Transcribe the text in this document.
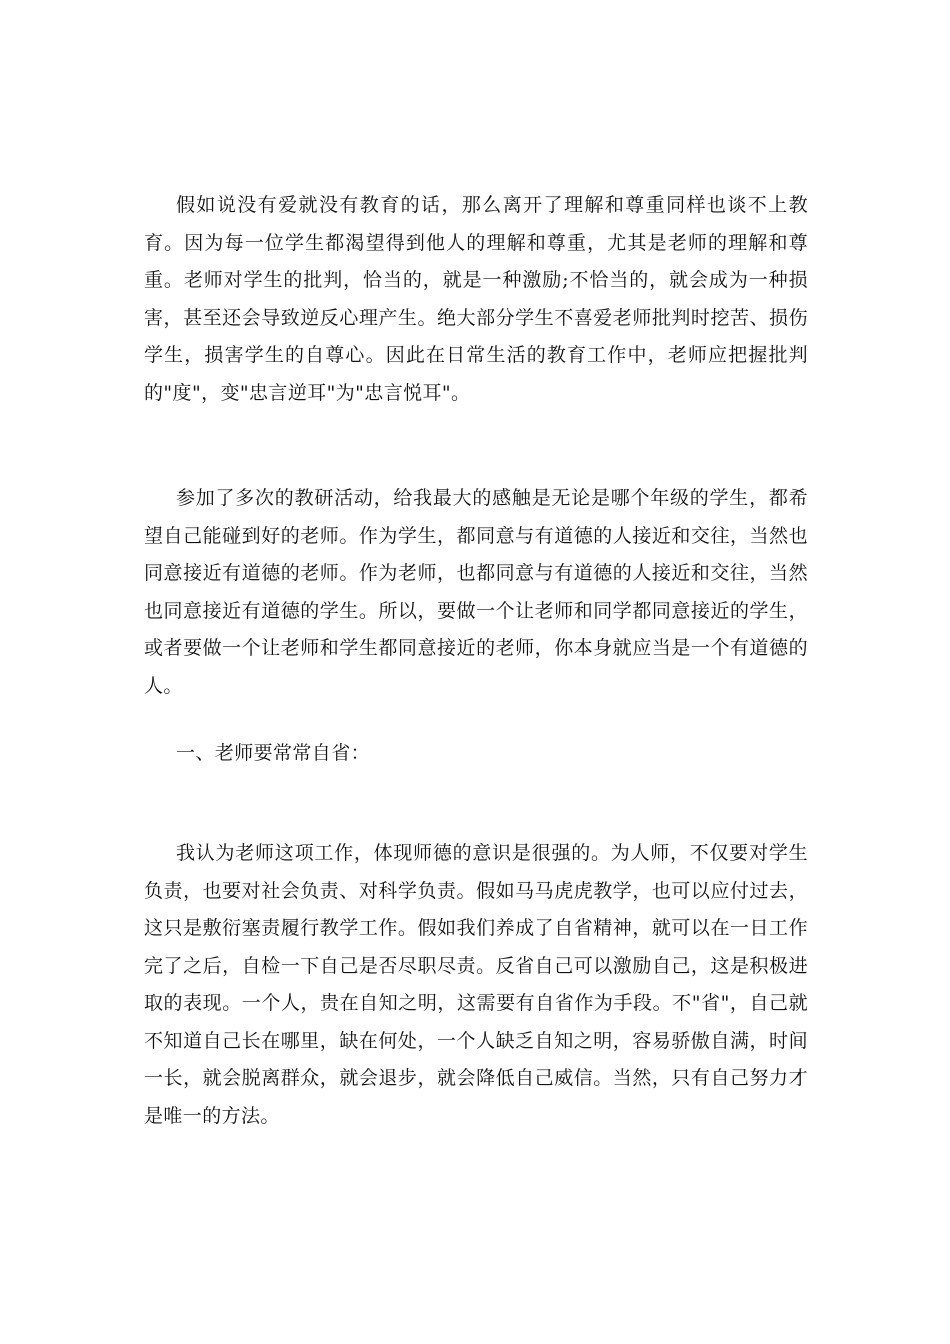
假如说没有爱就没有教育的话，那么离开了理解和尊重同样也谈不上教育。因为每一位学生都渴望得到他人的理解和尊重，尤其是老师的理解和尊重。老师对学生的批判，恰当的，就是一种激励;不恰当的，就会成为一种损害，甚至还会导致逆反心理产生。绝大部分学生不喜爱老师批判时挖苦、损伤学生，损害学生的自尊心。因此在日常生活的教育工作中，老师应把握批判的"度"，变"忠言逆耳"为"忠言悦耳"。

参加了多次的教研活动，给我最大的感触是无论是哪个年级的学生，都希望自己能碰到好的老师。作为学生，都同意与有道德的人接近和交往，当然也同意接近有道德的老师。作为老师，也都同意与有道德的人接近和交往，当然也同意接近有道德的学生。所以，要做一个让老师和同学都同意接近的学生，或者要做一个让老师和学生都同意接近的老师，你本身就应当是一个有道德的人。

一、老师要常常自省：

我认为老师这项工作，体现师德的意识是很强的。为人师，不仅要对学生负责，也要对社会负责、对科学负责。假如马马虎虎教学，也可以应付过去，这只是敷衍塞责履行教学工作。假如我们养成了自省精神，就可以在一日工作完了之后，自检一下自己是否尽职尽责。反省自己可以激励自己，这是积极进取的表现。一个人，贵在自知之明，这需要有自省作为手段。不"省"，自己就不知道自己长在哪里，缺在何处，一个人缺乏自知之明，容易骄傲自满，时间一长，就会脱离群众，就会退步，就会降低自己威信。当然，只有自己努力才是唯一的方法。
